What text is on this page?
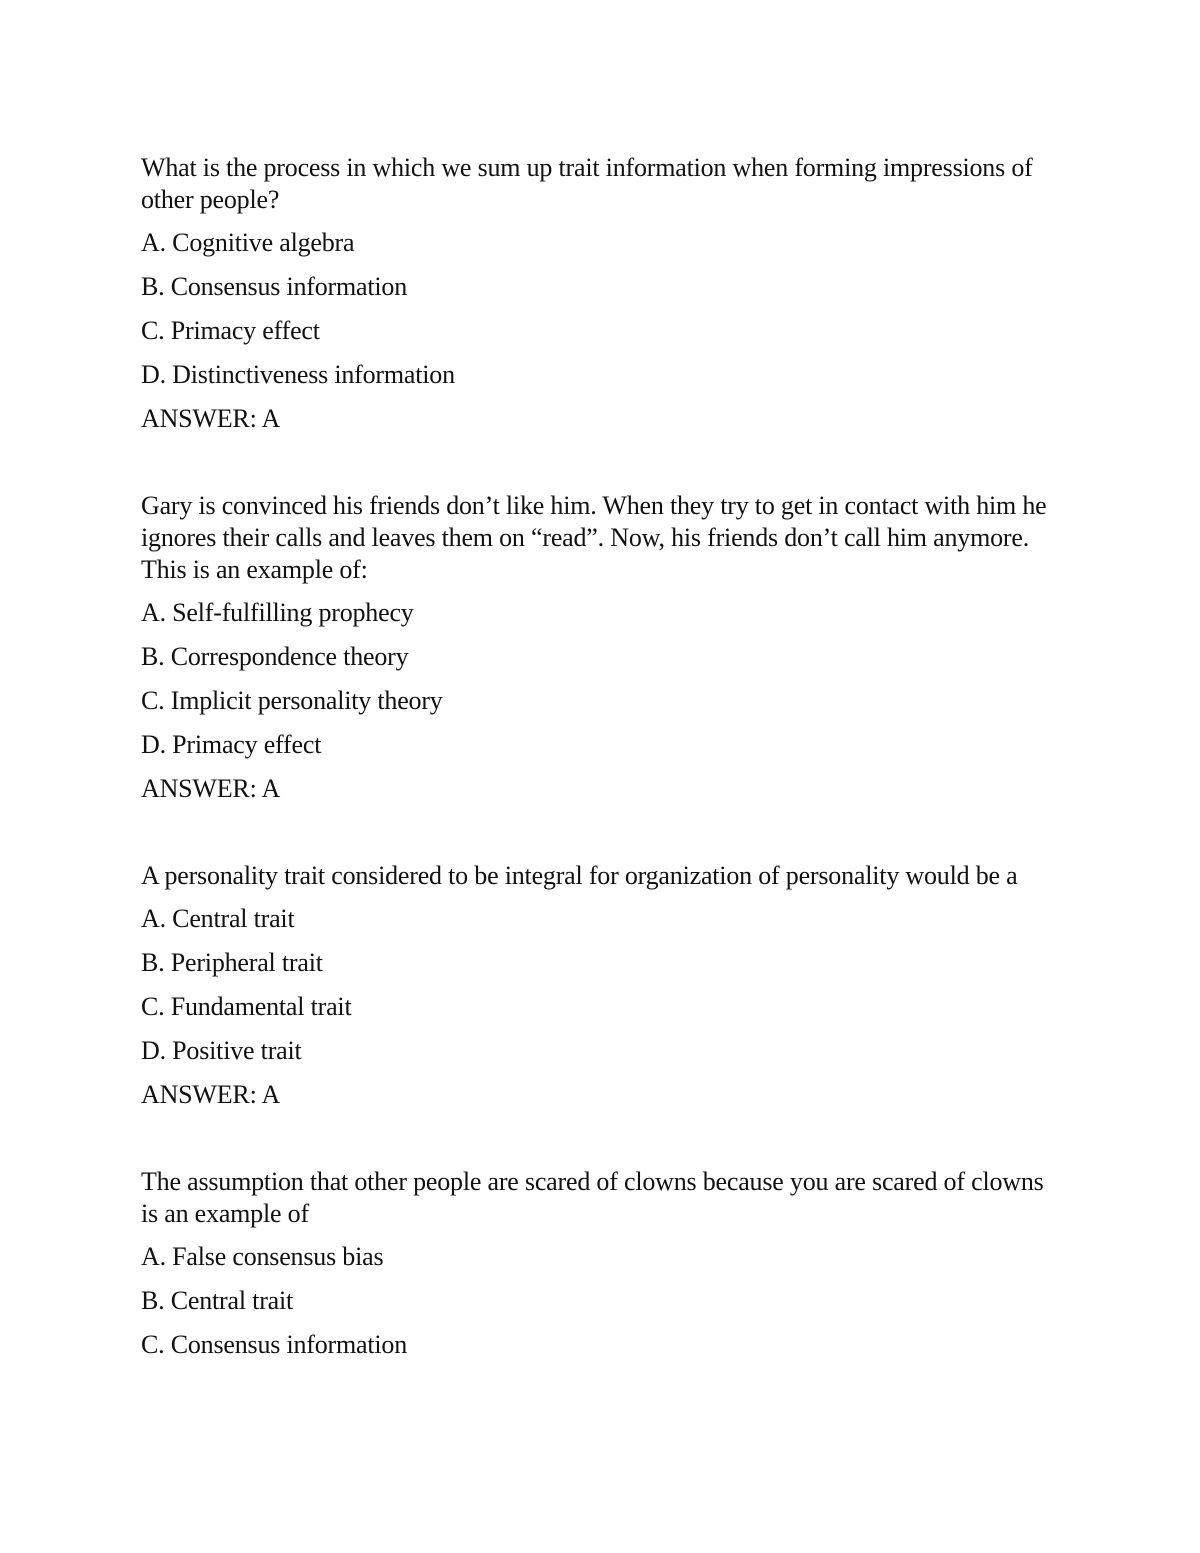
What is the process in which we sum up trait information when forming impressions of other people?

A. Cognitive algebra

B. Consensus information

C. Primacy effect

D. Distinctiveness information

ANSWER: A

Gary is convinced his friends don’t like him. When they try to get in contact with him he ignores their calls and leaves them on “read”. Now, his friends don’t call him anymore. This is an example of:

A. Self-fulfilling prophecy

B. Correspondence theory

C. Implicit personality theory

D. Primacy effect

ANSWER: A

A personality trait considered to be integral for organization of personality would be a

A. Central trait

B. Peripheral trait

C. Fundamental trait

D. Positive trait

ANSWER: A

The assumption that other people are scared of clowns because you are scared of clowns is an example of

A. False consensus bias

B. Central trait

C. Consensus information
